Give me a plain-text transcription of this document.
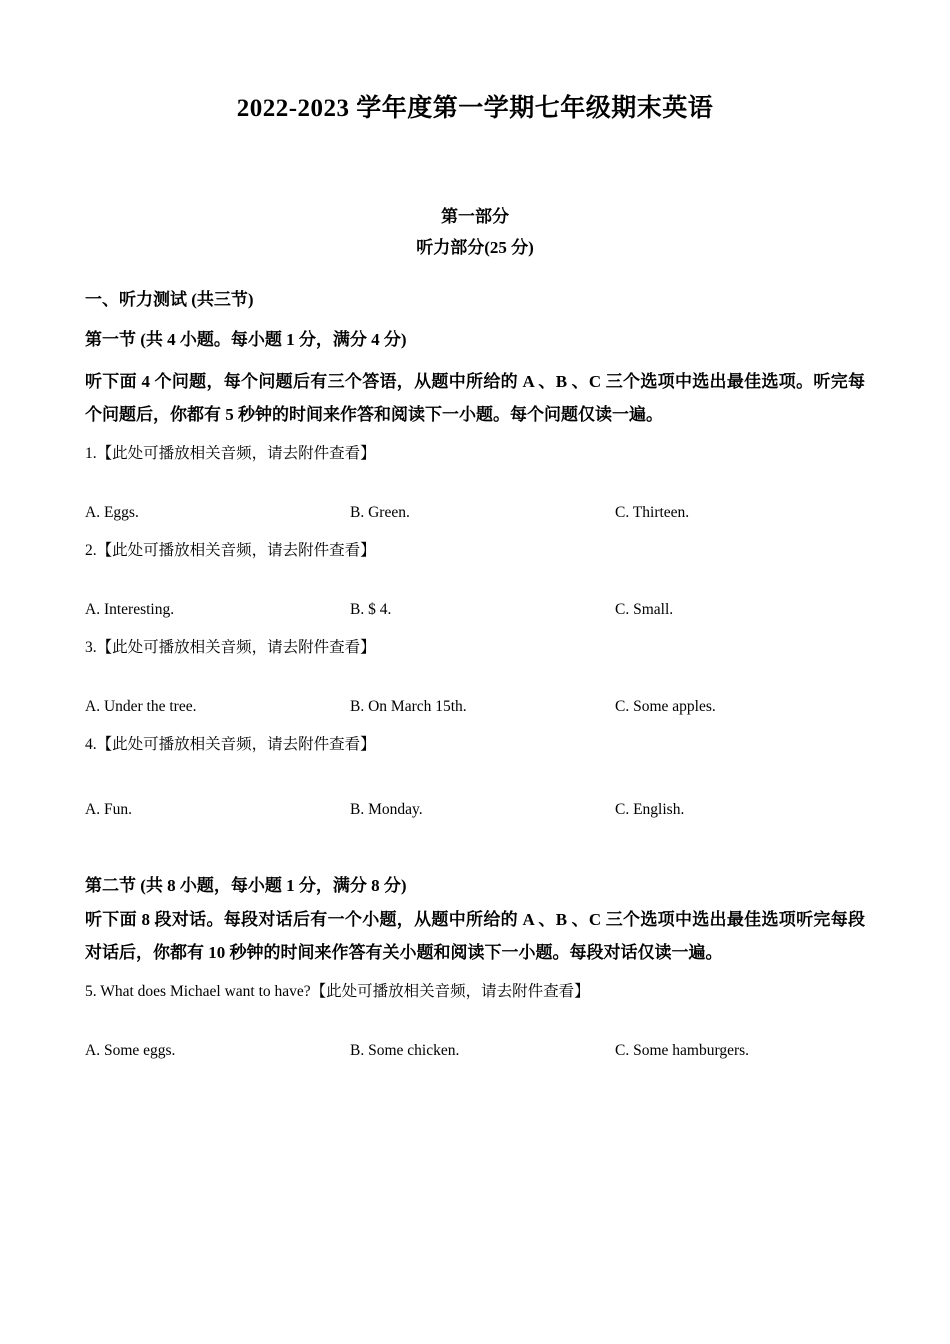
2022-2023 学年度第一学期七年级期末英语
第一部分
听力部分(25 分)
一、听力测试 (共三节)
第一节 (共 4 小题。每小题 1 分，满分 4 分)
听下面 4 个问题，每个问题后有三个答语，从题中所给的 A 、B 、C 三个选项中选出最佳选项。听完每个问题后，你都有 5 秒钟的时间来作答和阅读下一小题。每个问题仅读一遍。
1.【此处可播放相关音频，请去附件查看】
A. Eggs.	B. Green.	C. Thirteen.
2.【此处可播放相关音频，请去附件查看】
A. Interesting.	B. $ 4.	C. Small.
3.【此处可播放相关音频，请去附件查看】
A. Under the tree.	B. On March 15th.	C. Some apples.
4.【此处可播放相关音频，请去附件查看】
A. Fun.	B. Monday.	C. English.
第二节 (共 8 小题，每小题 1 分，满分 8 分)
听下面 8 段对话。每段对话后有一个小题，从题中所给的 A 、B 、C 三个选项中选出最佳选项听完每段对话后，你都有 10 秒钟的时间来作答有关小题和阅读下一小题。每段对话仅读一遍。
5. What does Michael want to have?【此处可播放相关音频，请去附件查看】
A. Some eggs.	B. Some chicken.	C. Some hamburgers.
